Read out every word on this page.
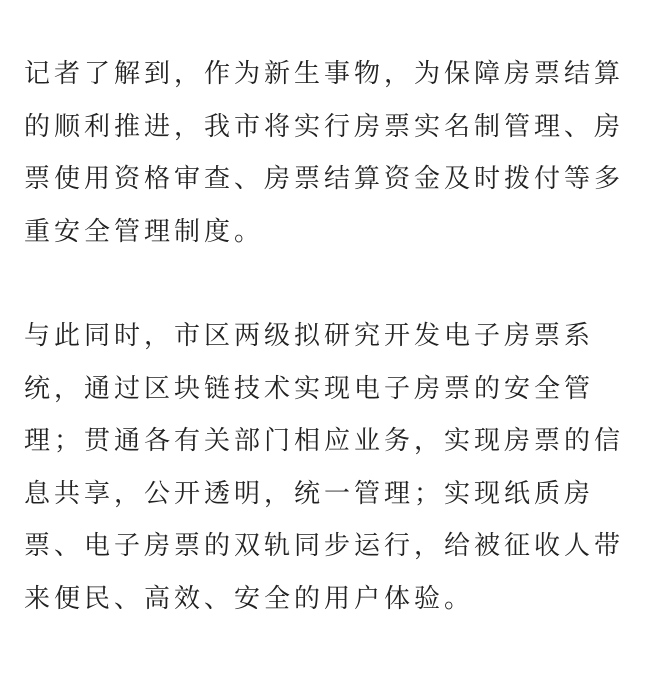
记者了解到，作为新生事物，为保障房票结算
的顺利推进，我市将实行房票实名制管理、房
票使用资格审查、房票结算资金及时拨付等多
重安全管理制度。

与此同时，市区两级拟研究开发电子房票系
统，通过区块链技术实现电子房票的安全管
理；贯通各有关部门相应业务，实现房票的信
息共享，公开透明，统一管理；实现纸质房
票、电子房票的双轨同步运行，给被征收人带
来便民、高效、安全的用户体验。
